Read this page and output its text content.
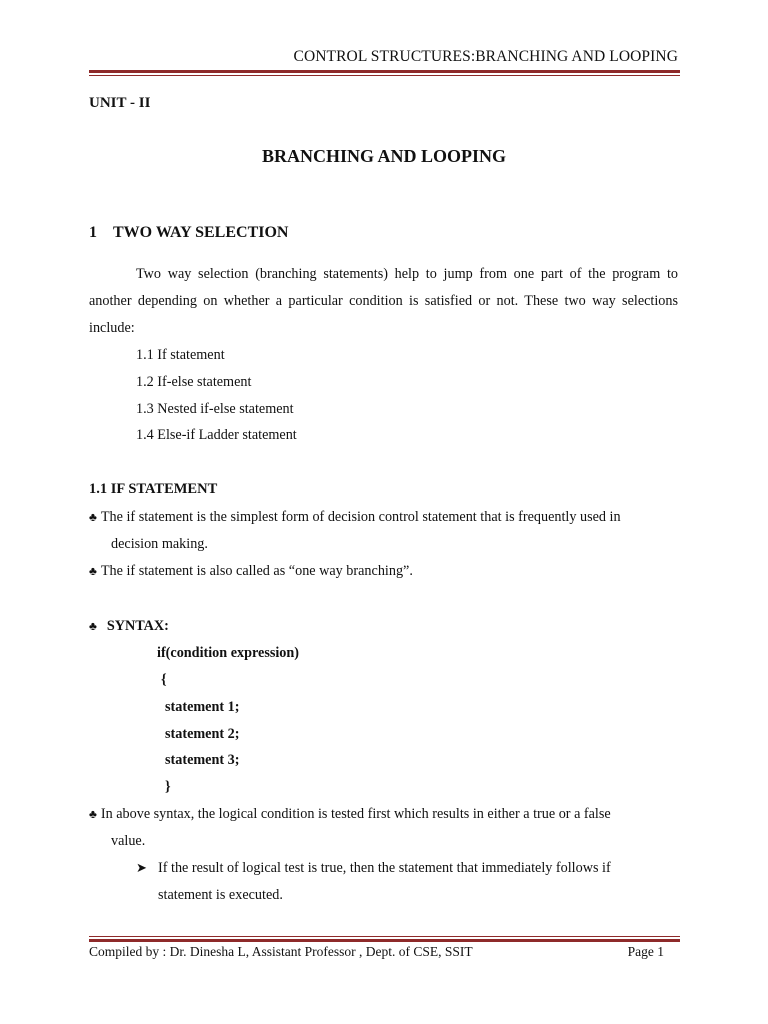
CONTROL STRUCTURES:BRANCHING AND LOOPING
UNIT - II
BRANCHING AND LOOPING
1 TWO WAY SELECTION
Two way selection (branching statements) help to jump from one part of the program to
another depending on whether a particular condition is satisfied or not. These two way selections
include:
1.1 If statement
1.2 If-else statement
1.3 Nested if-else statement
1.4 Else-if Ladder statement
1.1 IF STATEMENT
♣ The if statement is the simplest form of decision control statement that is frequently used in
decision making.
♣ The if statement is also called as “one way branching”.
♣ SYNTAX:
if(condition expression)
{
statement 1;
statement 2;
statement 3;
}
♣ In above syntax, the logical condition is tested first which results in either a true or a false
value.
➤ If the result of logical test is true, then the statement that immediately follows if
statement is executed.
Compiled by : Dr. Dinesha L, Assistant Professor , Dept. of CSE, SSIT	Page 1
